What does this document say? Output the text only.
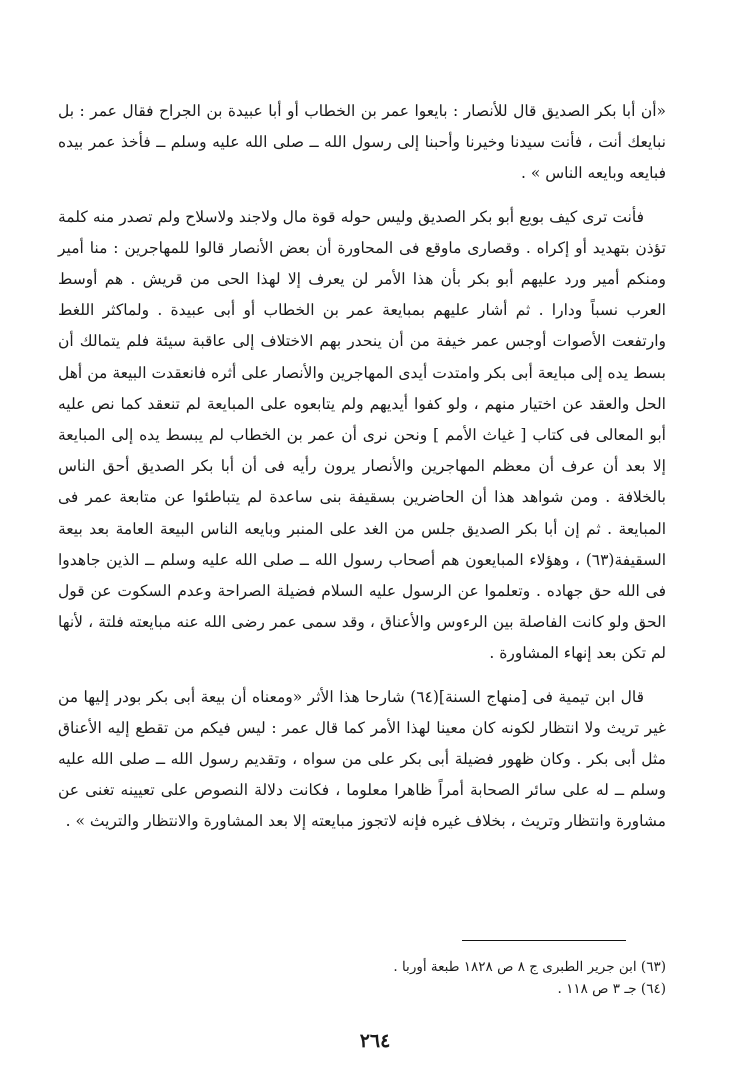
«أن أبا بكر الصديق قال للأنصار : بايعوا عمر بن الخطاب أو أبا عبيدة بن الجراح فقال عمر : بل نبايعك أنت ، فأنت سيدنا وخيرنا وأحبنا إلى رسول الله ــ صلى الله عليه وسلم ــ فأخذ عمر بيده فبايعه وبايعه الناس » .

فأنت ترى كيف بويع أبو بكر الصديق وليس حوله قوة مال ولاجند ولاسلاح ولم تصدر منه كلمة تؤذن بتهديد أو إكراه . وقصارى ماوقع فى المحاورة أن بعض الأنصار قالوا للمهاجرين : منا أمير ومنكم أمير ورد عليهم أبو بكر بأن هذا الأمر لن يعرف إلا لهذا الحى من قريش . هم أوسط العرب نسباً ودارا . ثم أشار عليهم بمبايعة عمر بن الخطاب أو أبى عبيدة . ولماكثر اللغط وارتفعت الأصوات أوجس عمر خيفة من أن ينحدر بهم الاختلاف إلى عاقبة سيئة فلم يتمالك أن بسط يده إلى مبايعة أبى بكر وامتدت أيدى المهاجرين والأنصار على أثره فانعقدت البيعة من أهل الحل والعقد عن اختيار منهم ، ولو كفوا أيديهم ولم يتابعوه على المبايعة لم تنعقد كما نص عليه أبو المعالى فى كتاب [ غياث الأمم ] ونحن نرى أن عمر بن الخطاب لم يبسط يده إلى المبايعة إلا بعد أن عرف أن معظم المهاجرين والأنصار يرون رأيه فى أن أبا بكر الصديق أحق الناس بالخلافة . ومن شواهد هذا أن الحاضرين بسقيفة بنى ساعدة لم يتباطئوا عن متابعة عمر فى المبايعة . ثم إن أبا بكر الصديق جلس من الغد على المنبر وبايعه الناس البيعة العامة بعد بيعة السقيفة(٦٣) ، وهؤلاء المبايعون هم أصحاب رسول الله ــ صلى الله عليه وسلم ــ الذين جاهدوا فى الله حق جهاده . وتعلموا عن الرسول عليه السلام فضيلة الصراحة وعدم السكوت عن قول الحق ولو كانت الفاصلة بين الرءوس والأعناق ، وقد سمى عمر رضى الله عنه مبايعته فلتة ، لأنها لم تكن بعد إنهاء المشاورة .

قال ابن تيمية فى [منهاج السنة](٦٤) شارحا هذا الأثر «ومعناه أن بيعة أبى بكر بودر إليها من غير تريث ولا انتظار لكونه كان معينا لهذا الأمر كما قال عمر : ليس فيكم من تقطع إليه الأعناق مثل أبى بكر . وكان ظهور فضيلة أبى بكر على من سواه ، وتقديم رسول الله ــ صلى الله عليه وسلم ــ له على سائر الصحابة أمراً ظاهرا معلوما ، فكانت دلالة النصوص على تعيينه تغنى عن مشاورة وانتظار وتريث ، بخلاف غيره فإنه لاتجوز مبايعته إلا بعد المشاورة والانتظار والتريث » .

(٦٣) ابن جرير الطبرى ج ٨ ص ١٨٢٨ طبعة أوربا .

(٦٤) جـ ٣ ص ١١٨ .

٢٦٤
